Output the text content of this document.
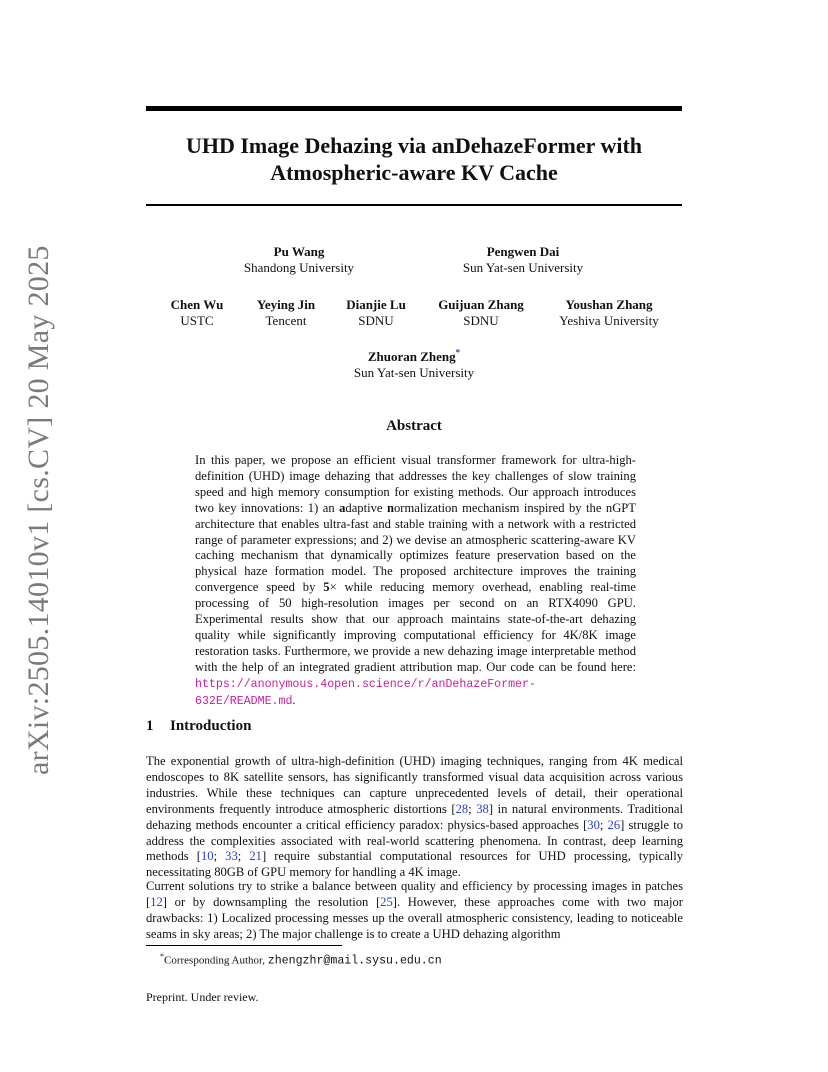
arXiv:2505.14010v1 [cs.CV] 20 May 2025
UHD Image Dehazing via anDehazeFormer with
Atmospheric-aware KV Cache
Pu Wang
Shandong University
Pengwen Dai
Sun Yat-sen University
Chen Wu
USTC
Yeying Jin
Tencent
Dianjie Lu
SDNU
Guijuan Zhang
SDNU
Youshan Zhang
Yeshiva University
Zhuoran Zheng*
Sun Yat-sen University
Abstract
In this paper, we propose an efficient visual transformer framework for ultra-high-definition (UHD) image dehazing that addresses the key challenges of slow training speed and high memory consumption for existing methods. Our approach introduces two key innovations: 1) an adaptive normalization mechanism inspired by the nGPT architecture that enables ultra-fast and stable training with a network with a restricted range of parameter expressions; and 2) we devise an atmospheric scattering-aware KV caching mechanism that dynamically optimizes feature preservation based on the physical haze formation model. The proposed architecture improves the training convergence speed by 5× while reducing memory overhead, enabling real-time processing of 50 high-resolution images per second on an RTX4090 GPU. Experimental results show that our approach maintains state-of-the-art dehazing quality while significantly improving computational efficiency for 4K/8K image restoration tasks. Furthermore, we provide a new dehazing image interpretable method with the help of an integrated gradient attribution map. Our code can be found here: https://anonymous.4open.science/r/anDehazeFormer-632E/README.md.
1 Introduction
The exponential growth of ultra-high-definition (UHD) imaging techniques, ranging from 4K medical endoscopes to 8K satellite sensors, has significantly transformed visual data acquisition across various industries. While these techniques can capture unprecedented levels of detail, their operational environments frequently introduce atmospheric distortions [28; 38] in natural environments. Traditional dehazing methods encounter a critical efficiency paradox: physics-based approaches [30; 26] struggle to address the complexities associated with real-world scattering phenomena. In contrast, deep learning methods [10; 33; 21] require substantial computational resources for UHD processing, typically necessitating 80GB of GPU memory for handling a 4K image.
Current solutions try to strike a balance between quality and efficiency by processing images in patches [12] or by downsampling the resolution [25]. However, these approaches come with two major drawbacks: 1) Localized processing messes up the overall atmospheric consistency, leading to noticeable seams in sky areas; 2) The major challenge is to create a UHD dehazing algorithm
*Corresponding Author, zhengzhr@mail.sysu.edu.cn
Preprint. Under review.
